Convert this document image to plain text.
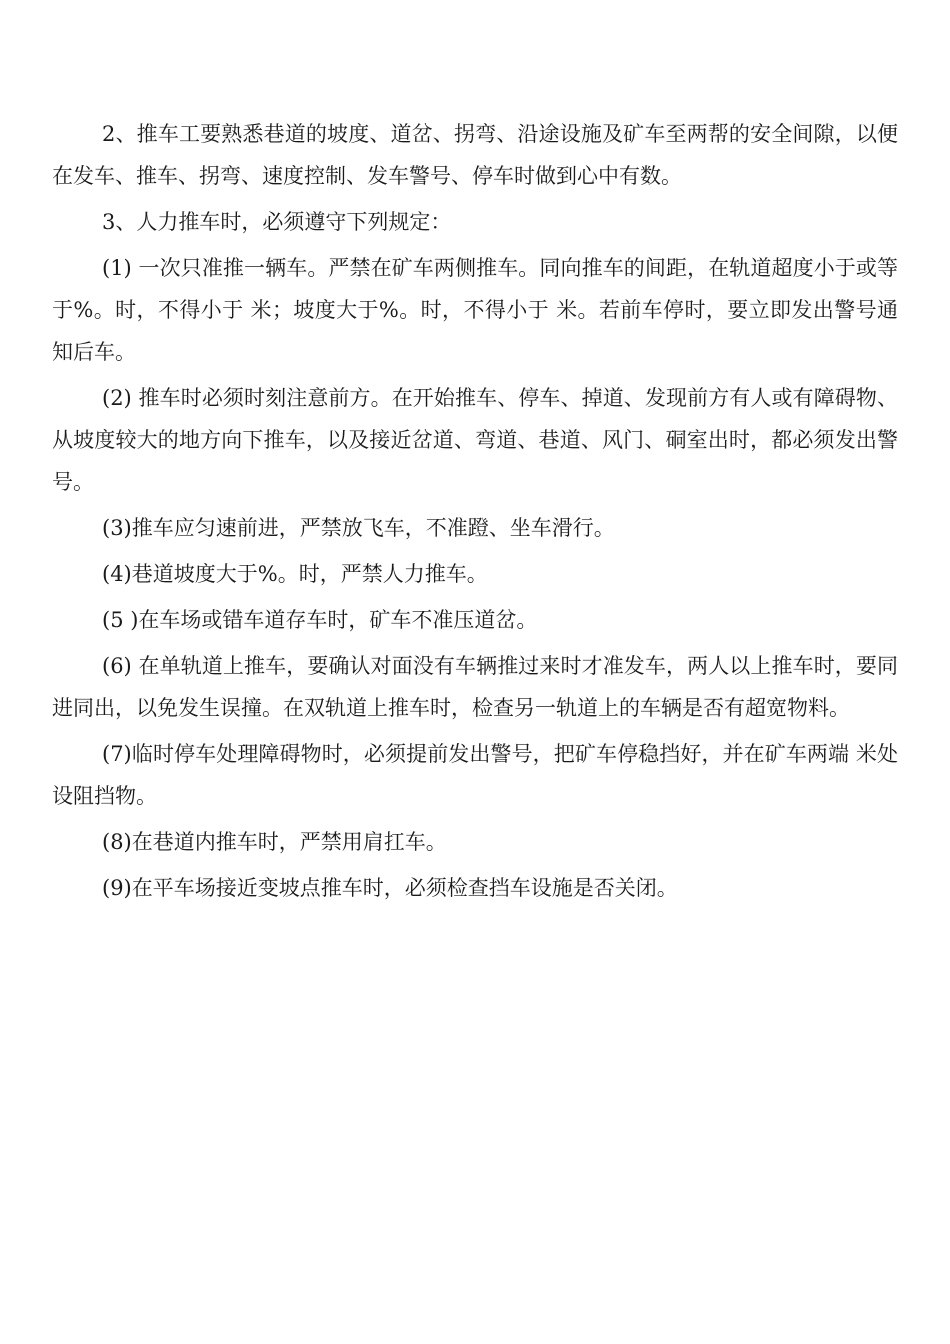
2、推车工要熟悉巷道的坡度、道岔、拐弯、沿途设施及矿车至两帮的安全间隙，以便在发车、推车、拐弯、速度控制、发车警号、停车时做到心中有数。

3、人力推车时，必须遵守下列规定：

(1) 一次只准推一辆车。严禁在矿车两侧推车。同向推车的间距，在轨道超度小于或等于%。时，不得小于 米；坡度大于%。时，不得小于 米。若前车停时，要立即发出警号通知后车。

(2) 推车时必须时刻注意前方。在开始推车、停车、掉道、发现前方有人或有障碍物、从坡度较大的地方向下推车，以及接近岔道、弯道、巷道、风门、硐室出时，都必须发出警号。

(3)推车应匀速前进，严禁放飞车，不准蹬、坐车滑行。

(4)巷道坡度大于%。时，严禁人力推车。

(5 )在车场或错车道存车时，矿车不准压道岔。

(6) 在单轨道上推车，要确认对面没有车辆推过来时才准发车，两人以上推车时，要同进同出，以免发生误撞。在双轨道上推车时，检查另一轨道上的车辆是否有超宽物料。

(7)临时停车处理障碍物时，必须提前发出警号，把矿车停稳挡好，并在矿车两端 米处设阻挡物。

(8)在巷道内推车时，严禁用肩扛车。

(9)在平车场接近变坡点推车时，必须检查挡车设施是否关闭。
